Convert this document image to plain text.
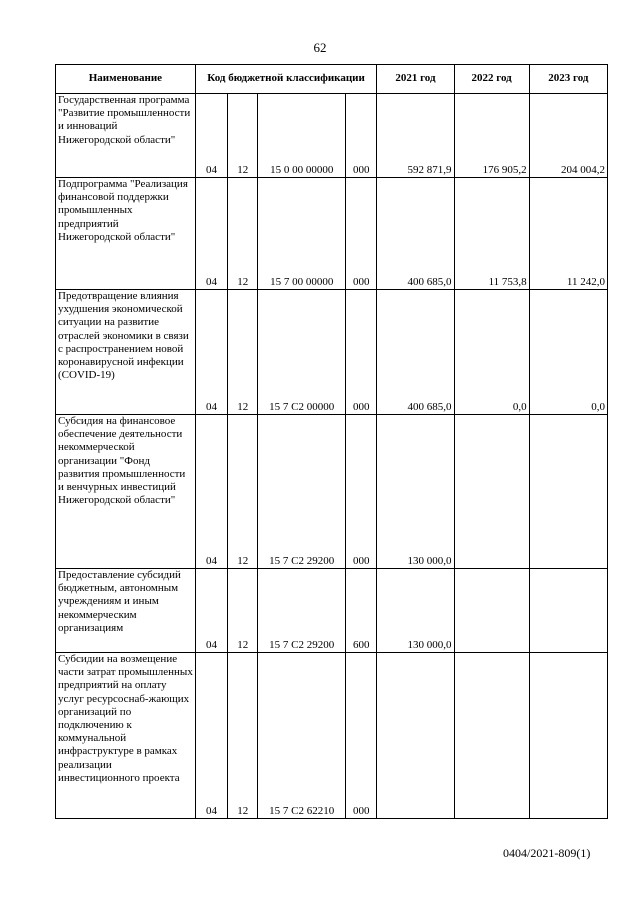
62
Наименование	Код бюджетной классификации				2021 год	2022 год	2023 год
Государственная программа "Развитие промышленности и инноваций Нижегородской области"	04	12	15 0 00 00000	000	592 871,9	176 905,2	204 004,2
Подпрограмма "Реализация финансовой поддержки промышленных предприятий Нижегородской области"	04	12	15 7 00 00000	000	400 685,0	11 753,8	11 242,0
Предотвращение влияния ухудшения экономической ситуации на развитие отраслей экономики в связи с распространением новой коронавирусной инфекции (COVID-19)	04	12	15 7 С2 00000	000	400 685,0	0,0	0,0
Субсидия на финансовое обеспечение деятельности некоммерческой организации "Фонд развития промышленности и венчурных инвестиций Нижегородской области"	04	12	15 7 С2 29200	000	130 000,0		
Предоставление субсидий бюджетным, автономным учреждениям и иным некоммерческим организациям	04	12	15 7 С2 29200	600	130 000,0		
Субсидии на возмещение части затрат промышленных предприятий на оплату услуг ресурсоснаб-жающих организаций по подключению к коммунальной инфраструктуре в рамках реализации инвестиционного проекта	04	12	15 7 С2 62210	000			
0404/2021-809(1)
